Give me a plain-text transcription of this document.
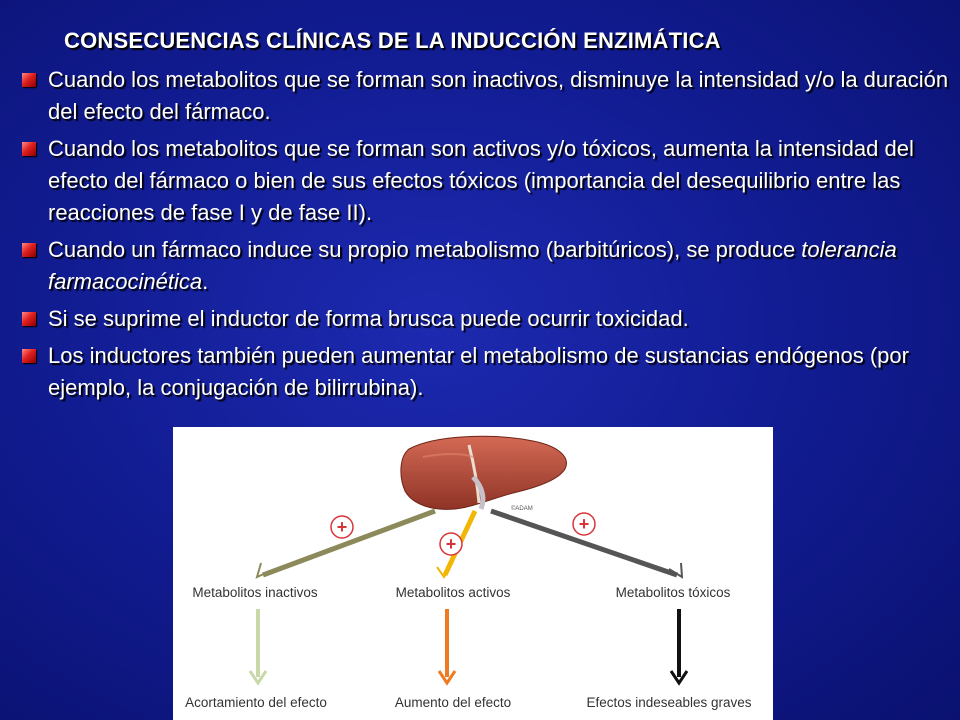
CONSECUENCIAS CLÍNICAS DE LA INDUCCIÓN ENZIMÁTICA
Cuando los metabolitos que se forman son inactivos, disminuye la intensidad y/o la duración del efecto del fármaco.
Cuando los metabolitos que se forman son activos y/o tóxicos, aumenta la intensidad del efecto del fármaco o bien de sus efectos tóxicos (importancia del desequilibrio entre las reacciones de fase I y de fase II).
Cuando un fármaco induce su propio metabolismo (barbitúricos), se produce tolerancia farmacocinética.
Si se suprime el inductor de forma brusca puede ocurrir toxicidad.
Los inductores también pueden aumentar el metabolismo de sustancias endógenos (por ejemplo, la conjugación de bilirrubina).
©ADAM
+
+
+
Metabolitos inactivos	Metabolitos activos	Metabolitos tóxicos
Acortamiento del efecto	Aumento del efecto	Efectos indeseables graves
